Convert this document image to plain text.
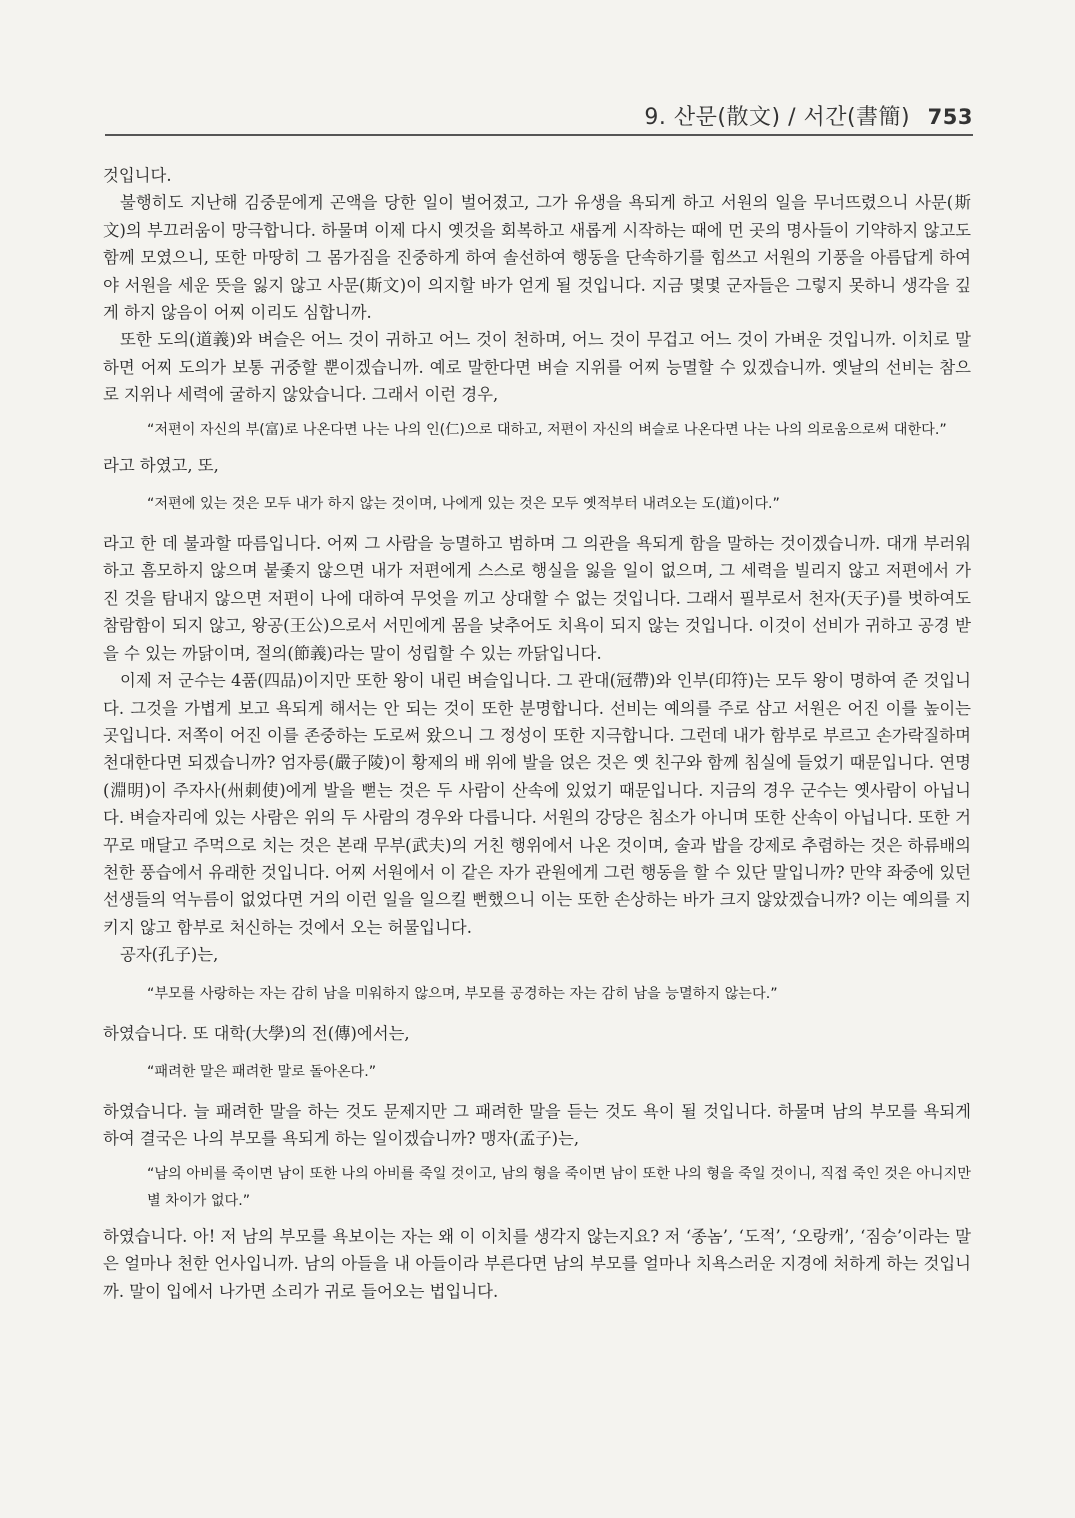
9. 산문(散文) / 서간(書簡) 753

것입니다.

불행히도 지난해 김중문에게 곤액을 당한 일이 벌어졌고, 그가 유생을 욕되게 하고 서원의 일을 무너뜨렸으니 사문(斯文)의 부끄러움이 망극합니다. 하물며 이제 다시 옛것을 회복하고 새롭게 시작하는 때에 먼 곳의 명사들이 기약하지 않고도 함께 모였으니, 또한 마땅히 그 몸가짐을 진중하게 하여 솔선하여 행동을 단속하기를 힘쓰고 서원의 기풍을 아름답게 하여야 서원을 세운 뜻을 잃지 않고 사문(斯文)이 의지할 바가 얻게 될 것입니다. 지금 몇몇 군자들은 그렇지 못하니 생각을 깊게 하지 않음이 어찌 이리도 심합니까.

또한 도의(道義)와 벼슬은 어느 것이 귀하고 어느 것이 천하며, 어느 것이 무겁고 어느 것이 가벼운 것입니까. 이치로 말하면 어찌 도의가 보통 귀중할 뿐이겠습니까. 예로 말한다면 벼슬 지위를 어찌 능멸할 수 있겠습니까. 옛날의 선비는 참으로 지위나 세력에 굴하지 않았습니다. 그래서 이런 경우,

“저편이 자신의 부(富)로 나온다면 나는 나의 인(仁)으로 대하고, 저편이 자신의 벼슬로 나온다면 나는 나의 의로움으로써 대한다.”

라고 하였고, 또,

“저편에 있는 것은 모두 내가 하지 않는 것이며, 나에게 있는 것은 모두 옛적부터 내려오는 도(道)이다.”

라고 한 데 불과할 따름입니다. 어찌 그 사람을 능멸하고 범하며 그 의관을 욕되게 함을 말하는 것이겠습니까. 대개 부러워하고 흠모하지 않으며 붙좇지 않으면 내가 저편에게 스스로 행실을 잃을 일이 없으며, 그 세력을 빌리지 않고 저편에서 가진 것을 탐내지 않으면 저편이 나에 대하여 무엇을 끼고 상대할 수 없는 것입니다. 그래서 필부로서 천자(天子)를 벗하여도 참람함이 되지 않고, 왕공(王公)으로서 서민에게 몸을 낮추어도 치욕이 되지 않는 것입니다. 이것이 선비가 귀하고 공경 받을 수 있는 까닭이며, 절의(節義)라는 말이 성립할 수 있는 까닭입니다.

이제 저 군수는 4품(四品)이지만 또한 왕이 내린 벼슬입니다. 그 관대(冠帶)와 인부(印符)는 모두 왕이 명하여 준 것입니다. 그것을 가볍게 보고 욕되게 해서는 안 되는 것이 또한 분명합니다. 선비는 예의를 주로 삼고 서원은 어진 이를 높이는 곳입니다. 저쪽이 어진 이를 존중하는 도로써 왔으니 그 정성이 또한 지극합니다. 그런데 내가 함부로 부르고 손가락질하며 천대한다면 되겠습니까? 엄자릉(嚴子陵)이 황제의 배 위에 발을 얹은 것은 옛 친구와 함께 침실에 들었기 때문입니다. 연명(淵明)이 주자사(州刺使)에게 발을 뻗는 것은 두 사람이 산속에 있었기 때문입니다. 지금의 경우 군수는 옛사람이 아닙니다. 벼슬자리에 있는 사람은 위의 두 사람의 경우와 다릅니다. 서원의 강당은 침소가 아니며 또한 산속이 아닙니다. 또한 거꾸로 매달고 주먹으로 치는 것은 본래 무부(武夫)의 거친 행위에서 나온 것이며, 술과 밥을 강제로 추렴하는 것은 하류배의 천한 풍습에서 유래한 것입니다. 어찌 서원에서 이 같은 자가 관원에게 그런 행동을 할 수 있단 말입니까? 만약 좌중에 있던 선생들의 억누름이 없었다면 거의 이런 일을 일으킬 뻔했으니 이는 또한 손상하는 바가 크지 않았겠습니까? 이는 예의를 지키지 않고 함부로 처신하는 것에서 오는 허물입니다.

공자(孔子)는,

“부모를 사랑하는 자는 감히 남을 미워하지 않으며, 부모를 공경하는 자는 감히 남을 능멸하지 않는다.”

하였습니다. 또 대학(大學)의 전(傳)에서는,

“패려한 말은 패려한 말로 돌아온다.”

하였습니다. 늘 패려한 말을 하는 것도 문제지만 그 패려한 말을 듣는 것도 욕이 될 것입니다. 하물며 남의 부모를 욕되게 하여 결국은 나의 부모를 욕되게 하는 일이겠습니까? 맹자(孟子)는,

“남의 아비를 죽이면 남이 또한 나의 아비를 죽일 것이고, 남의 형을 죽이면 남이 또한 나의 형을 죽일 것이니, 직접 죽인 것은 아니지만 별 차이가 없다.”

하였습니다. 아! 저 남의 부모를 욕보이는 자는 왜 이 이치를 생각지 않는지요? 저 ‘종놈’, ‘도적’, ‘오랑캐’, ‘짐승’이라는 말은 얼마나 천한 언사입니까. 남의 아들을 내 아들이라 부른다면 남의 부모를 얼마나 치욕스러운 지경에 처하게 하는 것입니까. 말이 입에서 나가면 소리가 귀로 들어오는 법입니다.
